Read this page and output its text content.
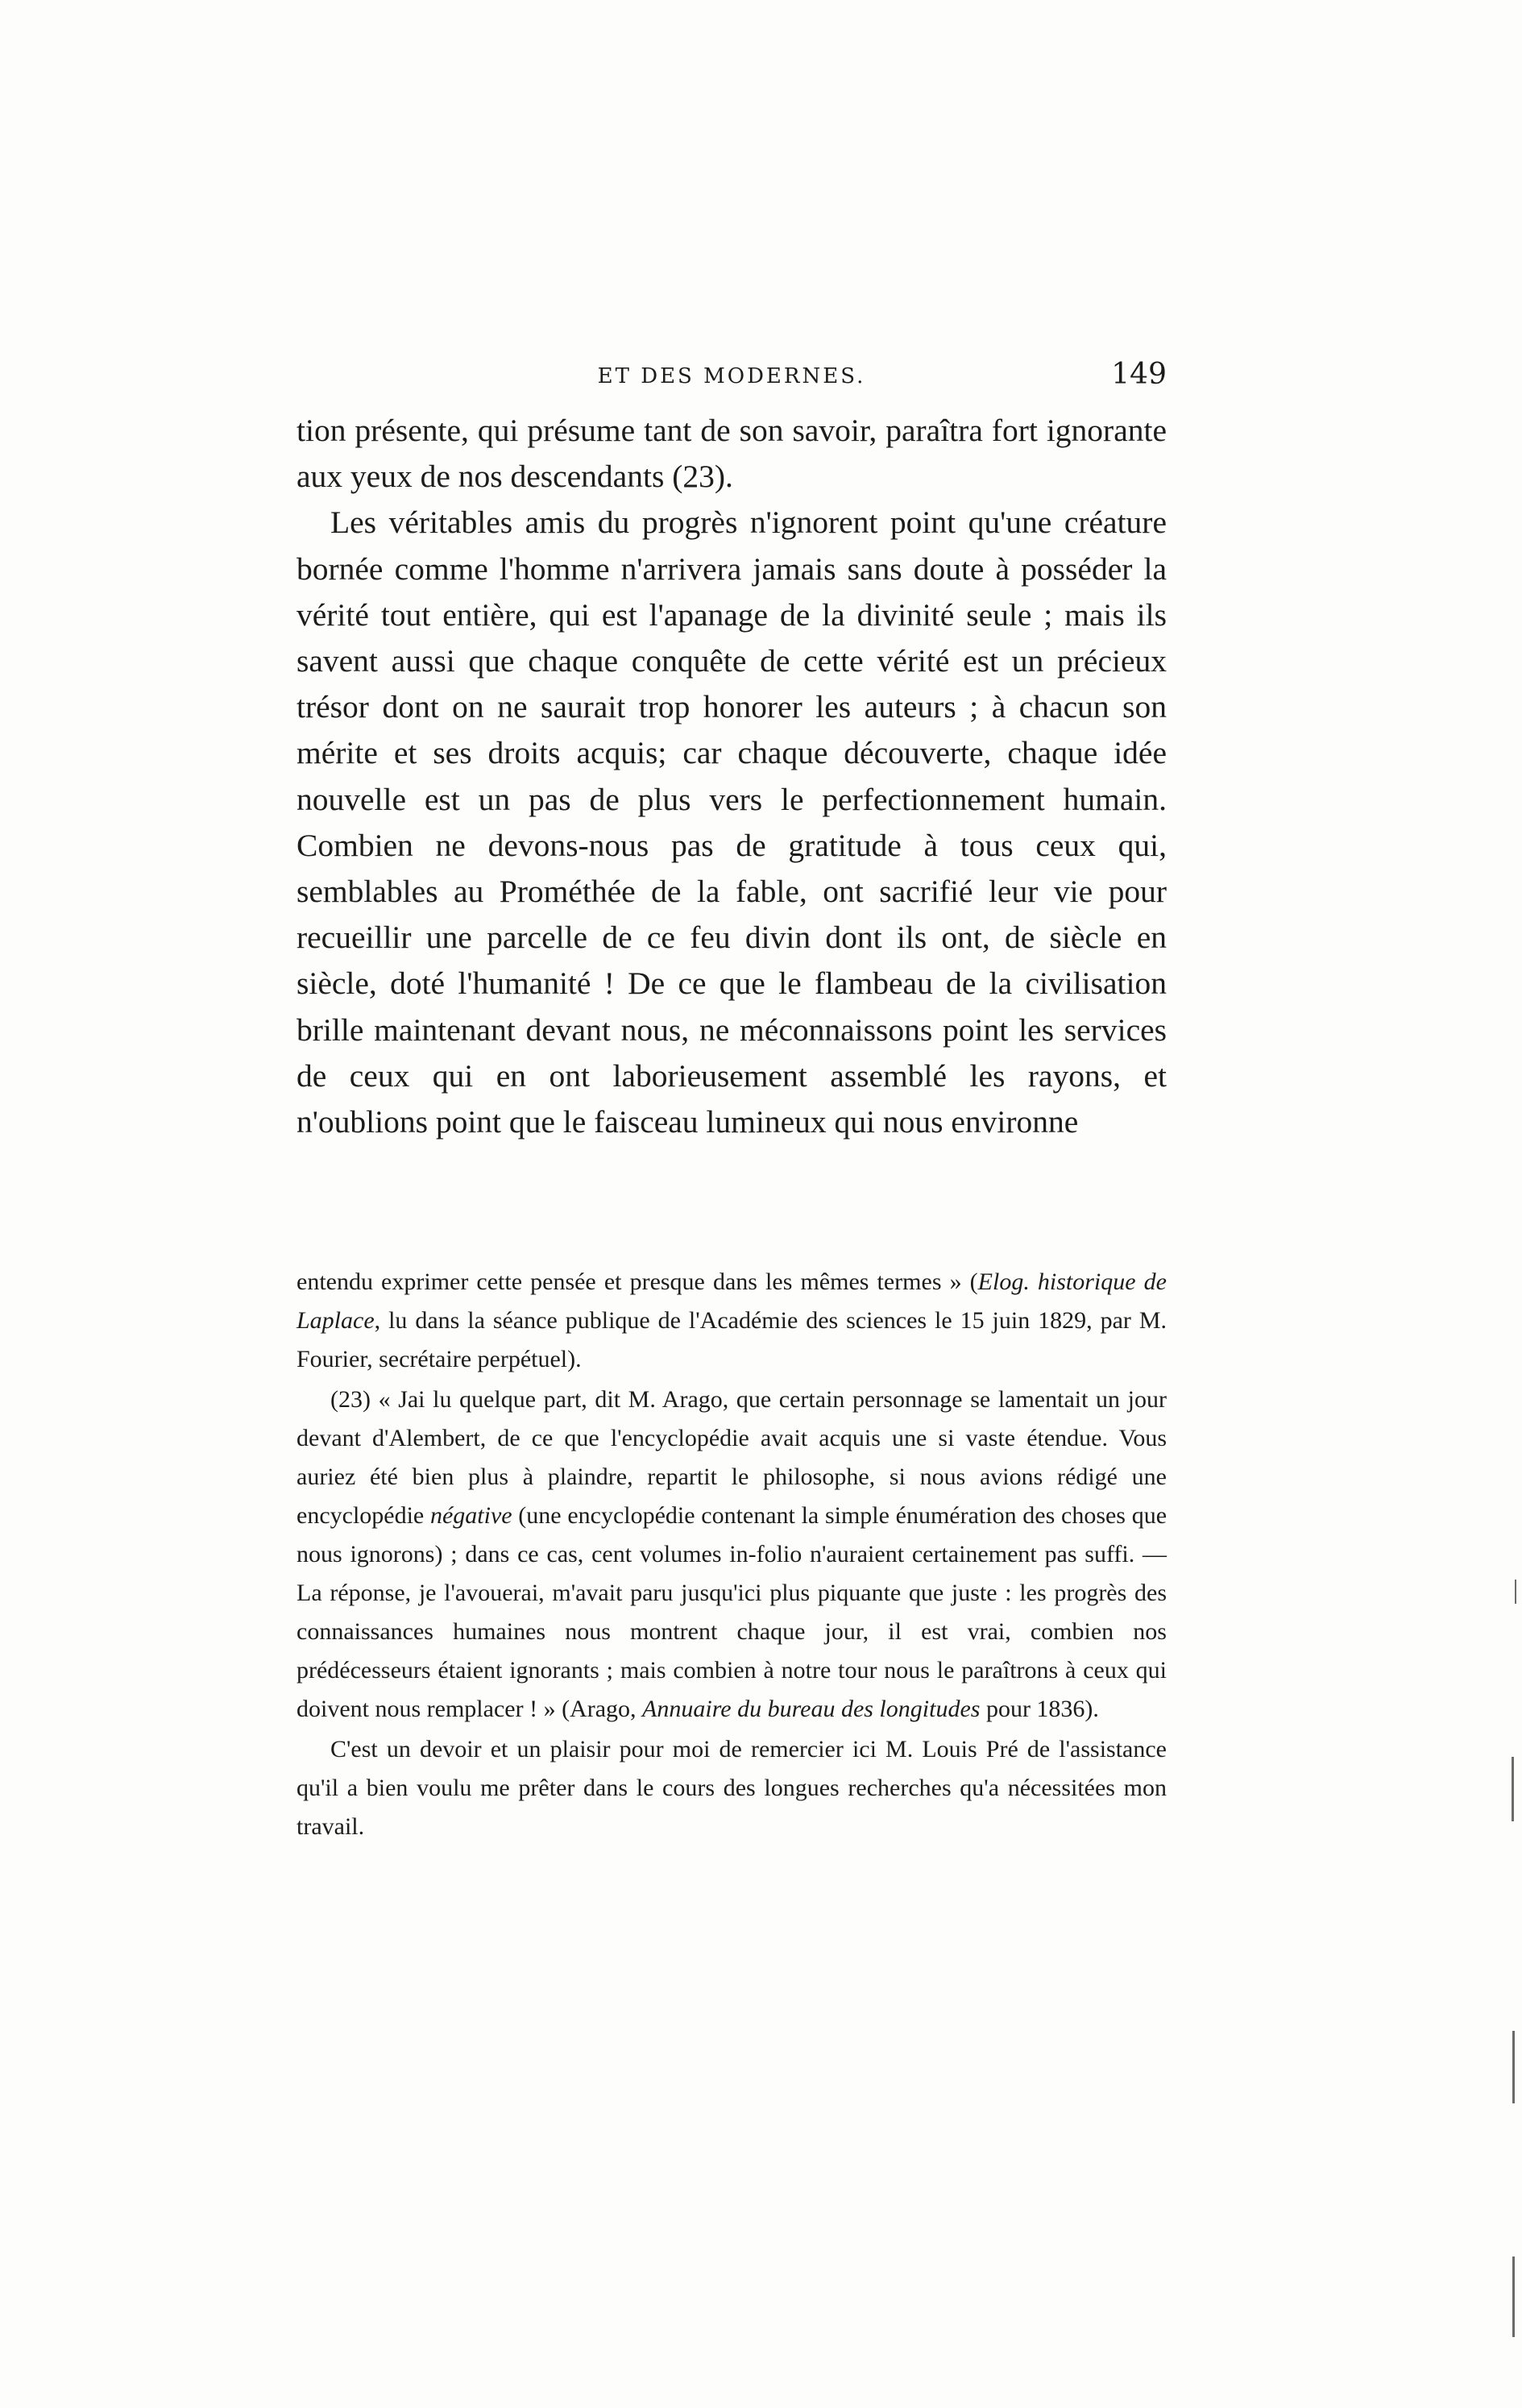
ET DES MODERNES.	149

tion présente, qui présume tant de son savoir, paraîtra fort ignorante aux yeux de nos descendants (23).

Les véritables amis du progrès n'ignorent point qu'une créature bornée comme l'homme n'arrivera jamais sans doute à posséder la vérité tout entière, qui est l'apanage de la divinité seule ; mais ils savent aussi que chaque conquête de cette vérité est un précieux trésor dont on ne saurait trop honorer les auteurs ; à chacun son mérite et ses droits acquis; car chaque découverte, chaque idée nouvelle est un pas de plus vers le perfectionnement humain. Combien ne devons-nous pas de gratitude à tous ceux qui, semblables au Prométhée de la fable, ont sacrifié leur vie pour recueillir une parcelle de ce feu divin dont ils ont, de siècle en siècle, doté l'humanité ! De ce que le flambeau de la civilisation brille maintenant devant nous, ne méconnaissons point les services de ceux qui en ont laborieusement assemblé les rayons, et n'oublions point que le faisceau lumineux qui nous environne

entendu exprimer cette pensée et presque dans les mêmes termes » (Elog. historique de Laplace, lu dans la séance publique de l'Académie des sciences le 15 juin 1829, par M. Fourier, secrétaire perpétuel).

(23) « Jai lu quelque part, dit M. Arago, que certain personnage se lamentait un jour devant d'Alembert, de ce que l'encyclopédie avait acquis une si vaste étendue. Vous auriez été bien plus à plaindre, repartit le philosophe, si nous avions rédigé une encyclopédie négative (une encyclopédie contenant la simple énumération des choses que nous ignorons) ; dans ce cas, cent volumes in-folio n'auraient certainement pas suffi. — La réponse, je l'avouerai, m'avait paru jusqu'ici plus piquante que juste : les progrès des connaissances humaines nous montrent chaque jour, il est vrai, combien nos prédécesseurs étaient ignorants ; mais combien à notre tour nous le paraîtrons à ceux qui doivent nous remplacer ! » (Arago, Annuaire du bureau des longitudes pour 1836).

C'est un devoir et un plaisir pour moi de remercier ici M. Louis Pré de l'assistance qu'il a bien voulu me prêter dans le cours des longues recherches qu'a nécessitées mon travail.
